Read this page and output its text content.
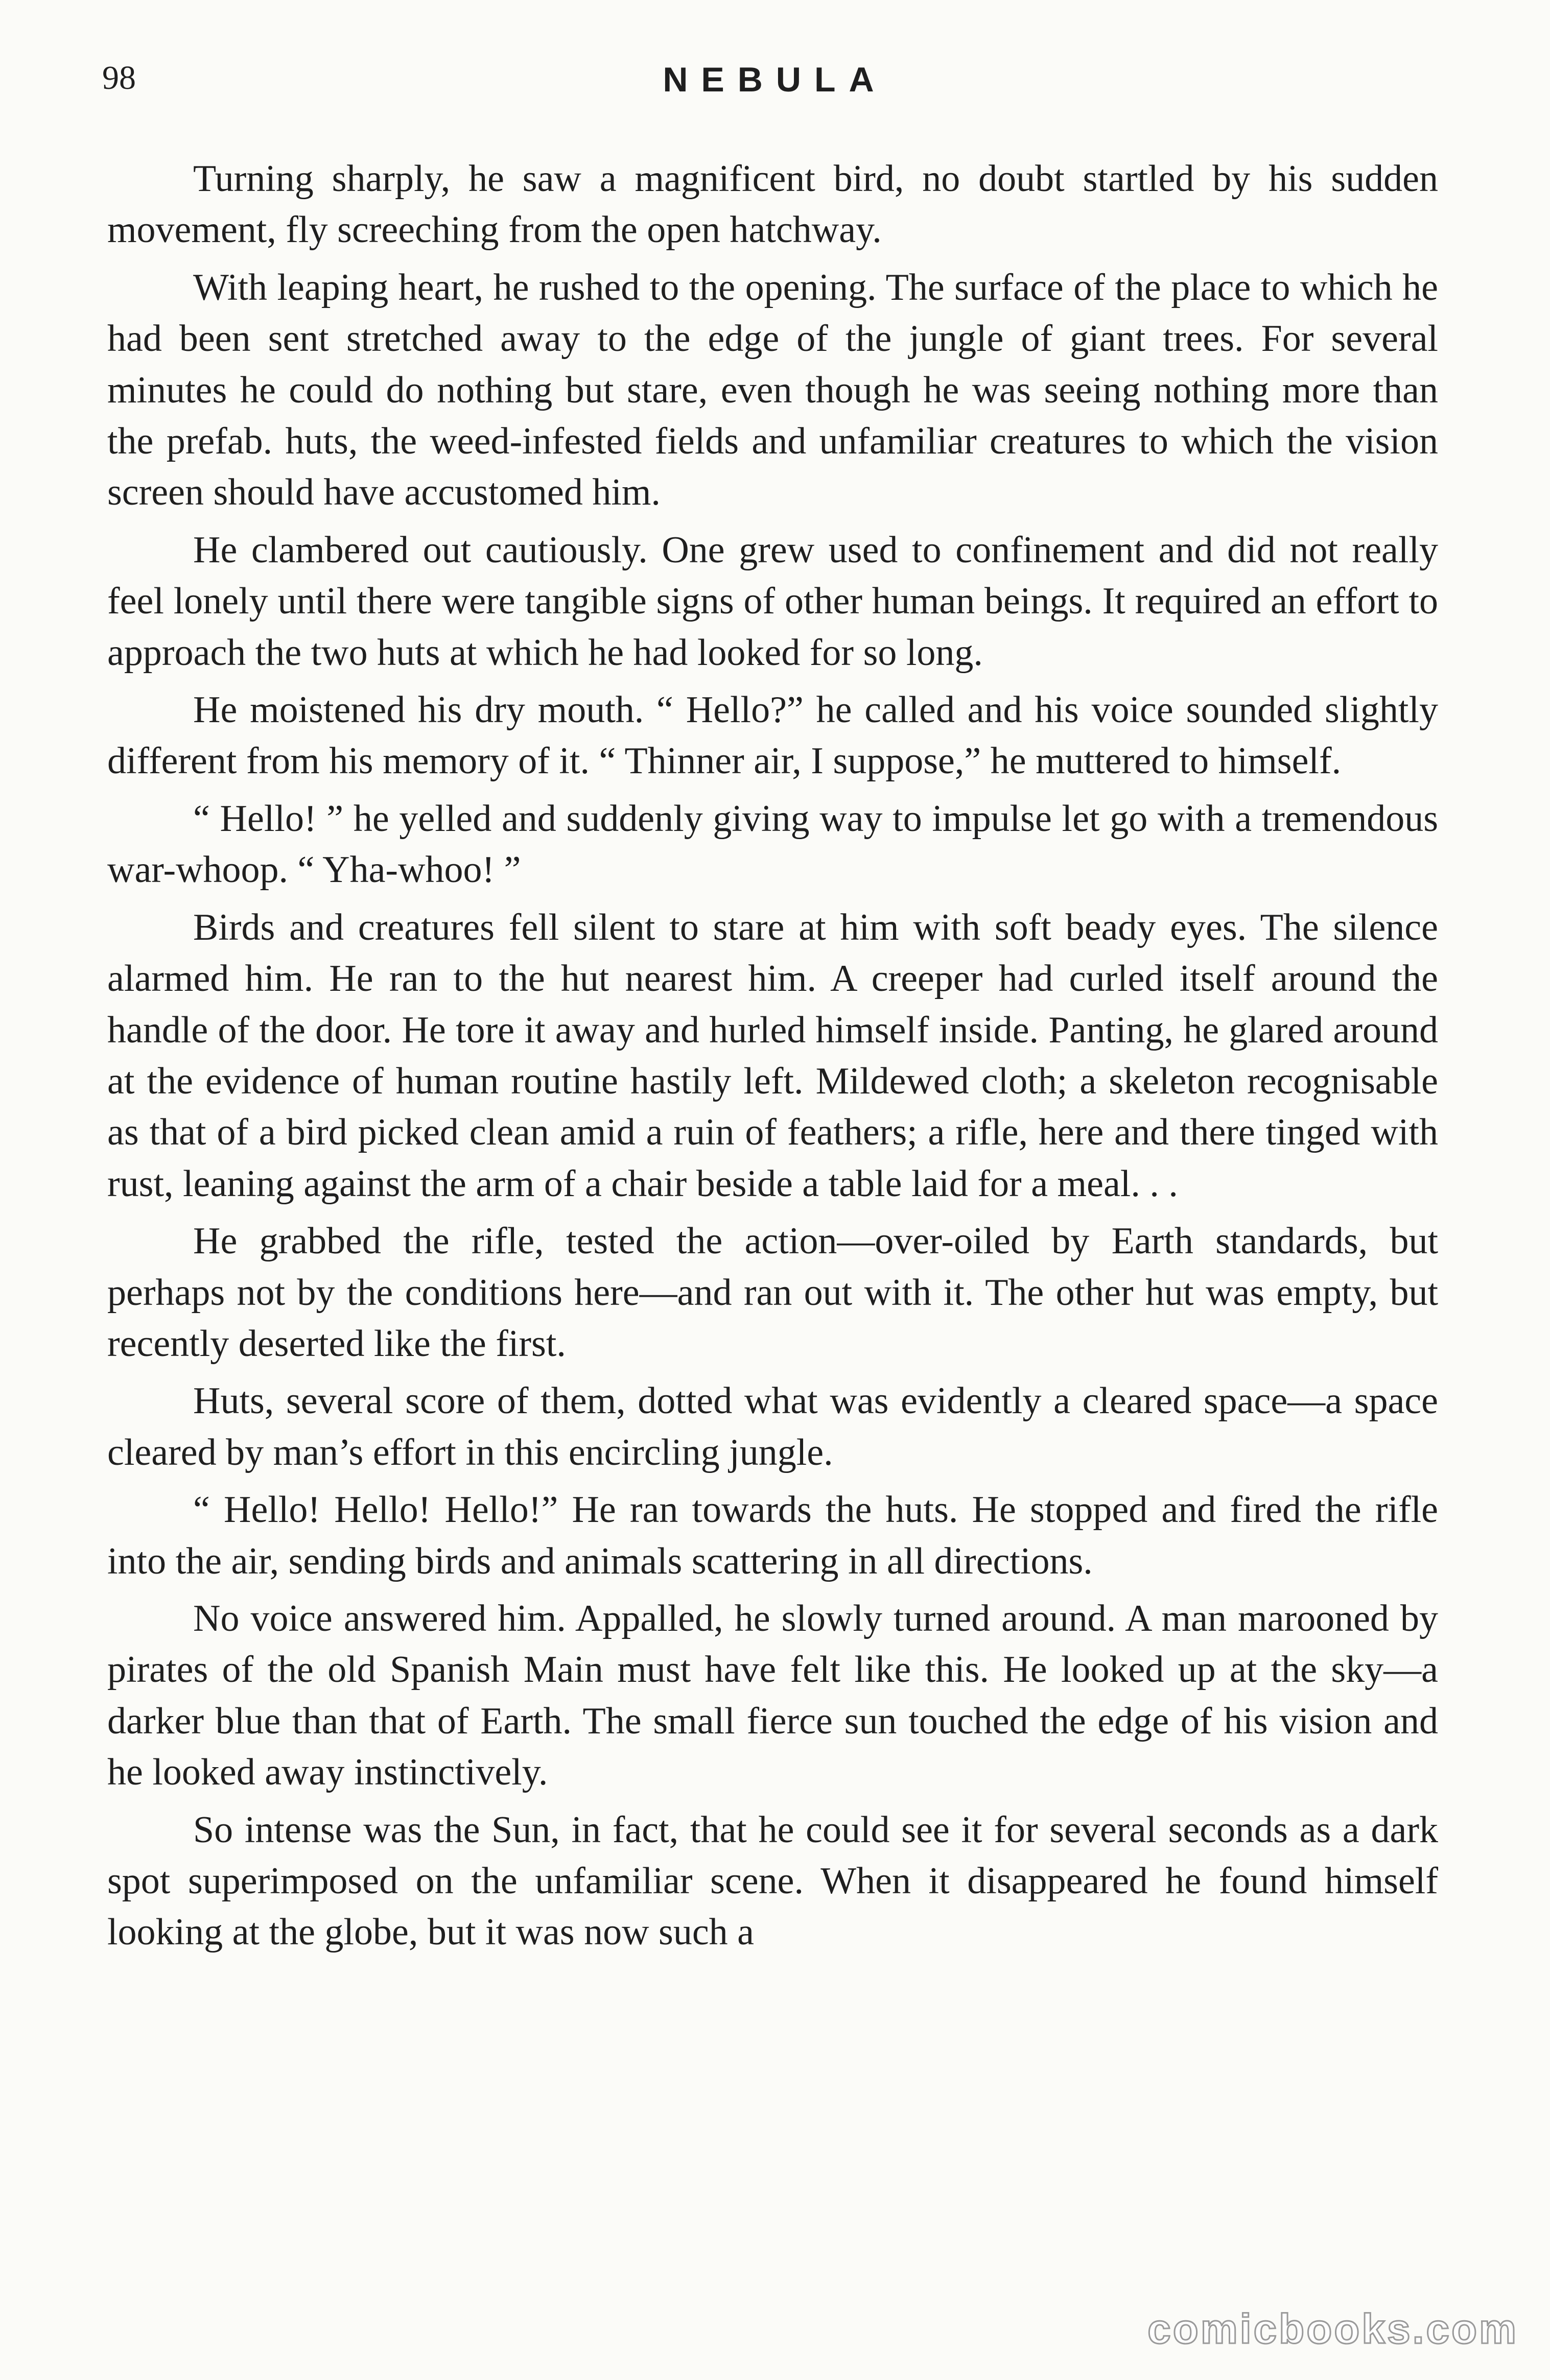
98	NEBULA

Turning sharply, he saw a magnificent bird, no doubt startled by his sudden movement, fly screeching from the open hatchway.

With leaping heart, he rushed to the opening. The surface of the place to which he had been sent stretched away to the edge of the jungle of giant trees. For several minutes he could do nothing but stare, even though he was seeing nothing more than the prefab. huts, the weed-infested fields and unfamiliar creatures to which the vision screen should have accustomed him.

He clambered out cautiously. One grew used to confinement and did not really feel lonely until there were tangible signs of other human beings. It required an effort to approach the two huts at which he had looked for so long.

He moistened his dry mouth. “ Hello?” he called and his voice sounded slightly different from his memory of it. “ Thinner air, I suppose,” he muttered to himself.

“ Hello! ” he yelled and suddenly giving way to impulse let go with a tremendous war-whoop. “ Yha-whoo! ”

Birds and creatures fell silent to stare at him with soft beady eyes. The silence alarmed him. He ran to the hut nearest him. A creeper had curled itself around the handle of the door. He tore it away and hurled himself inside. Panting, he glared around at the evidence of human routine hastily left. Mildewed cloth; a skeleton recognisable as that of a bird picked clean amid a ruin of feathers; a rifle, here and there tinged with rust, leaning against the arm of a chair beside a table laid for a meal. . .

He grabbed the rifle, tested the action—over-oiled by Earth standards, but perhaps not by the conditions here—and ran out with it. The other hut was empty, but recently deserted like the first.

Huts, several score of them, dotted what was evidently a cleared space—a space cleared by man’s effort in this encircling jungle.

“ Hello! Hello! Hello!” He ran towards the huts. He stopped and fired the rifle into the air, sending birds and animals scattering in all directions.

No voice answered him. Appalled, he slowly turned around. A man marooned by pirates of the old Spanish Main must have felt like this. He looked up at the sky—a darker blue than that of Earth. The small fierce sun touched the edge of his vision and he looked away instinctively.

So intense was the Sun, in fact, that he could see it for several seconds as a dark spot superimposed on the unfamiliar scene. When it disappeared he found himself looking at the globe, but it was now such a

comicbooks.com
